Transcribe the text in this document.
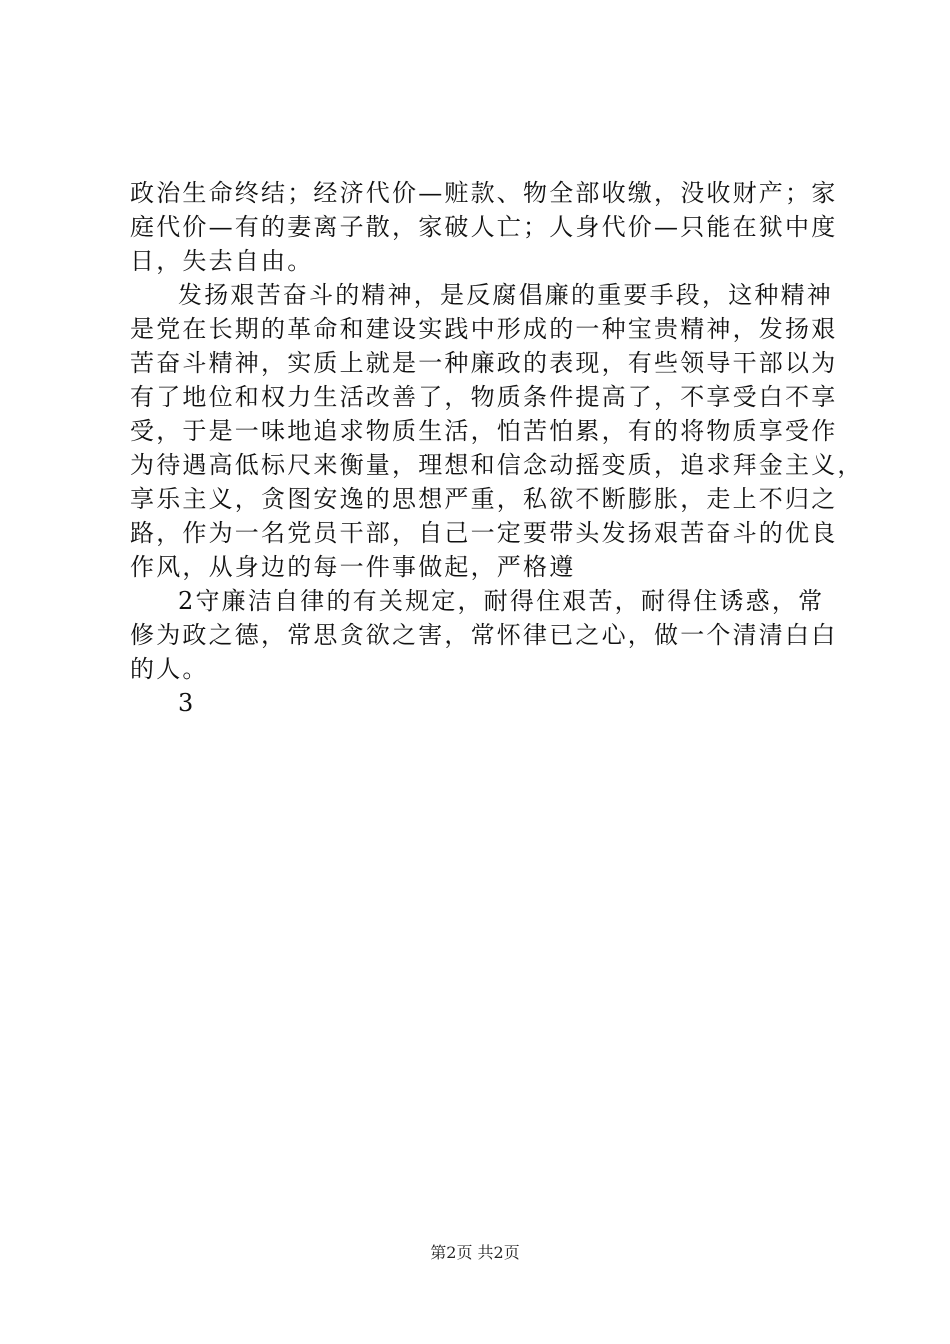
政治生命终结；经济代价—赃款、物全部收缴，没收财产；家
庭代价—有的妻离子散，家破人亡；人身代价—只能在狱中度
日，失去自由。
发扬艰苦奋斗的精神，是反腐倡廉的重要手段，这种精神
是党在长期的革命和建设实践中形成的一种宝贵精神，发扬艰
苦奋斗精神，实质上就是一种廉政的表现，有些领导干部以为
有了地位和权力生活改善了，物质条件提高了，不享受白不享
受，于是一味地追求物质生活，怕苦怕累，有的将物质享受作
为待遇高低标尺来衡量，理想和信念动摇变质，追求拜金主义，
享乐主义，贪图安逸的思想严重，私欲不断膨胀，走上不归之
路，作为一名党员干部，自己一定要带头发扬艰苦奋斗的优良
作风，从身边的每一件事做起，严格遵
2守廉洁自律的有关规定，耐得住艰苦，耐得住诱惑，常
修为政之德，常思贪欲之害，常怀律已之心，做一个清清白白
的人。
3
第2页 共2页
